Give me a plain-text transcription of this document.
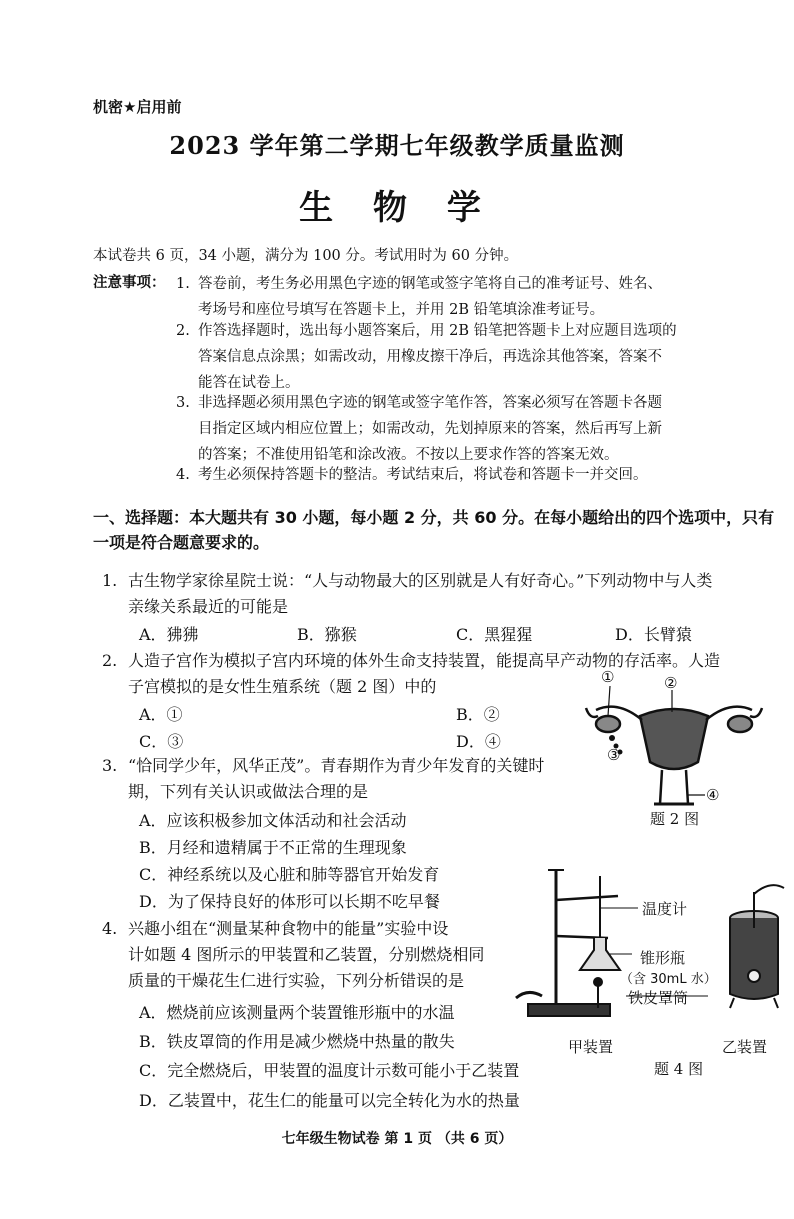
机密★启用前
2023 学年第二学期七年级教学质量监测
生 物 学
本试卷共 6 页，34 小题，满分为 100 分。考试用时为 60 分钟。
注意事项： 1. 答卷前，考生务必用黑色字迹的钢笔或签字笔将自己的准考证号、姓名、
考场号和座位号填写在答题卡上，并用 2B 铅笔填涂准考证号。
2. 作答选择题时，选出每小题答案后，用 2B 铅笔把答题卡上对应题目选项的
答案信息点涂黑；如需改动，用橡皮擦干净后，再选涂其他答案，答案不
能答在试卷上。
3. 非选择题必须用黑色字迹的钢笔或签字笔作答，答案必须写在答题卡各题
目指定区域内相应位置上；如需改动，先划掉原来的答案，然后再写上新
的答案；不准使用铅笔和涂改液。不按以上要求作答的答案无效。
4. 考生必须保持答题卡的整洁。考试结束后，将试卷和答题卡一并交回。
一、选择题：本大题共有 30 小题，每小题 2 分，共 60 分。在每小题给出的四个选项中，只有一项是符合题意要求的。
1. 古生物学家徐星院士说：“人与动物最大的区别就是人有好奇心。”下列动物中与人类
亲缘关系最近的可能是
A．狒狒	B．猕猴	C．黑猩猩	D．长臂猿
2. 人造子宫作为模拟子宫内环境的体外生命支持装置，能提高早产动物的存活率。人造
子宫模拟的是女性生殖系统（题 2 图）中的
A．①	B．②
C．③	D．④
①	②
③
④
题 2 图
3. “恰同学少年，风华正茂”。青春期作为青少年发育的关键时
期，下列有关认识或做法合理的是
A．应该积极参加文体活动和社会活动
B．月经和遗精属于不正常的生理现象
C．神经系统以及心脏和肺等器官开始发育
D．为了保持良好的体形可以长期不吃早餐
4. 兴趣小组在“测量某种食物中的能量”实验中设
计如题 4 图所示的甲装置和乙装置，分别燃烧相同
质量的干燥花生仁进行实验，下列分析错误的是
A．燃烧前应该测量两个装置锥形瓶中的水温
B．铁皮罩筒的作用是减少燃烧中热量的散失
C．完全燃烧后，甲装置的温度计示数可能小于乙装置
D．乙装置中，花生仁的能量可以完全转化为水的热量
温度计
锥形瓶
（含 30mL 水）
铁皮罩筒
甲装置	乙装置
题 4 图
七年级生物试卷 第 1 页 （共 6 页）
